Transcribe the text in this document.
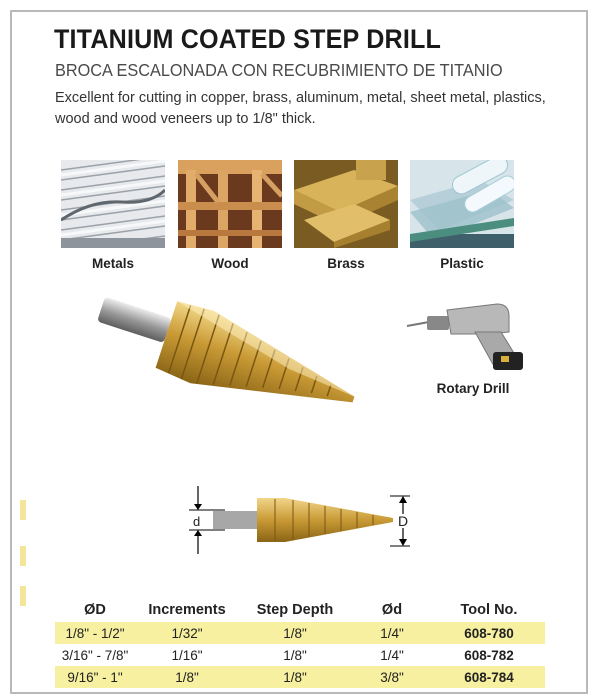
TITANIUM COATED STEP DRILL
BROCA ESCALONADA CON RECUBRIMIENTO DE TITANIO
Excellent for cutting in copper, brass, aluminum, metal, sheet metal, plastics, wood and wood veneers up to 1/8" thick.
Metals	Wood	Brass	Plastic
Rotary Drill
d	D
ØD	Increments	Step Depth	Ød	Tool No.
1/8" - 1/2"	1/32"	1/8"	1/4"	608-780
3/16" - 7/8"	1/16"	1/8"	1/4"	608-782
9/16" - 1"	1/8"	1/8"	3/8"	608-784
